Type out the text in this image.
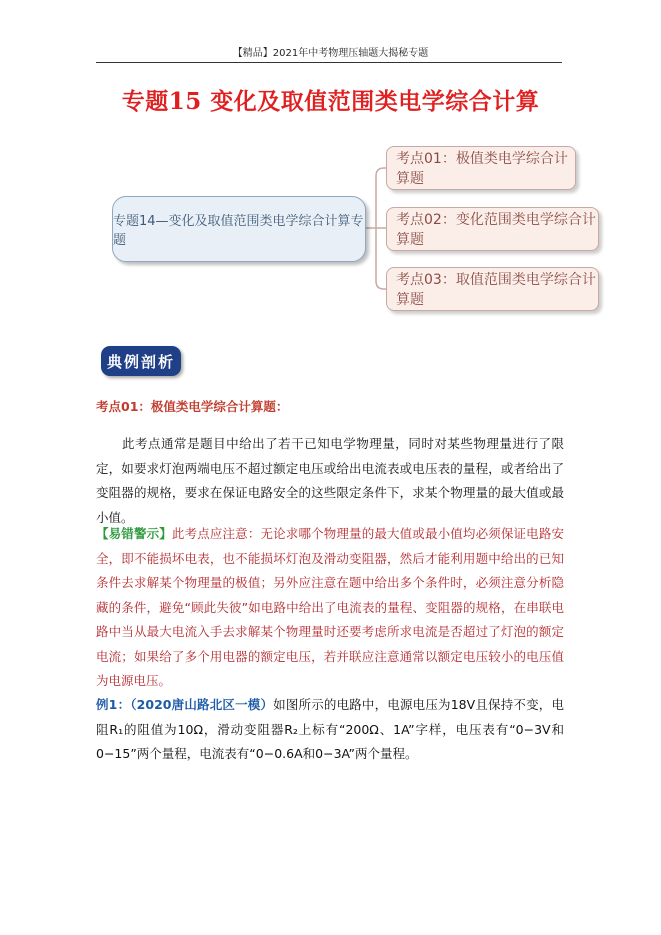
【精品】2021年中考物理压轴题大揭秘专题
专题15 变化及取值范围类电学综合计算
专题14—变化及取值范围类电学综合计算专题
考点01：极值类电学综合计算题
考点02：变化范围类电学综合计算题
考点03：取值范围类电学综合计算题
典例剖析
考点01：极值类电学综合计算题：

此考点通常是题目中给出了若干已知电学物理量，同时对某些物理量进行了限定，如要求灯泡两端电压不超过额定电压或给出电流表或电压表的量程，或者给出了变阻器的规格，要求在保证电路安全的这些限定条件下，求某个物理量的最大值或最小值。

【易错警示】此考点应注意：无论求哪个物理量的最大值或最小值均必须保证电路安全，即不能损坏电表，也不能损坏灯泡及滑动变阻器，然后才能利用题中给出的已知条件去求解某个物理量的极值；另外应注意在题中给出多个条件时，必须注意分析隐藏的条件，避免“顾此失彼”如电路中给出了电流表的量程、变阻器的规格，在串联电路中当从最大电流入手去求解某个物理量时还要考虑所求电流是否超过了灯泡的额定电流；如果给了多个用电器的额定电压，若并联应注意通常以额定电压较小的电压值为电源电压。

例1：（2020唐山路北区一模）如图所示的电路中，电源电压为18V且保持不变，电阻R₁的阻值为10Ω，滑动变阻器R₂上标有“200Ω、1A”字样，电压表有“0−3V和0−15”两个量程，电流表有“0−0.6A和0−3A”两个量程。
